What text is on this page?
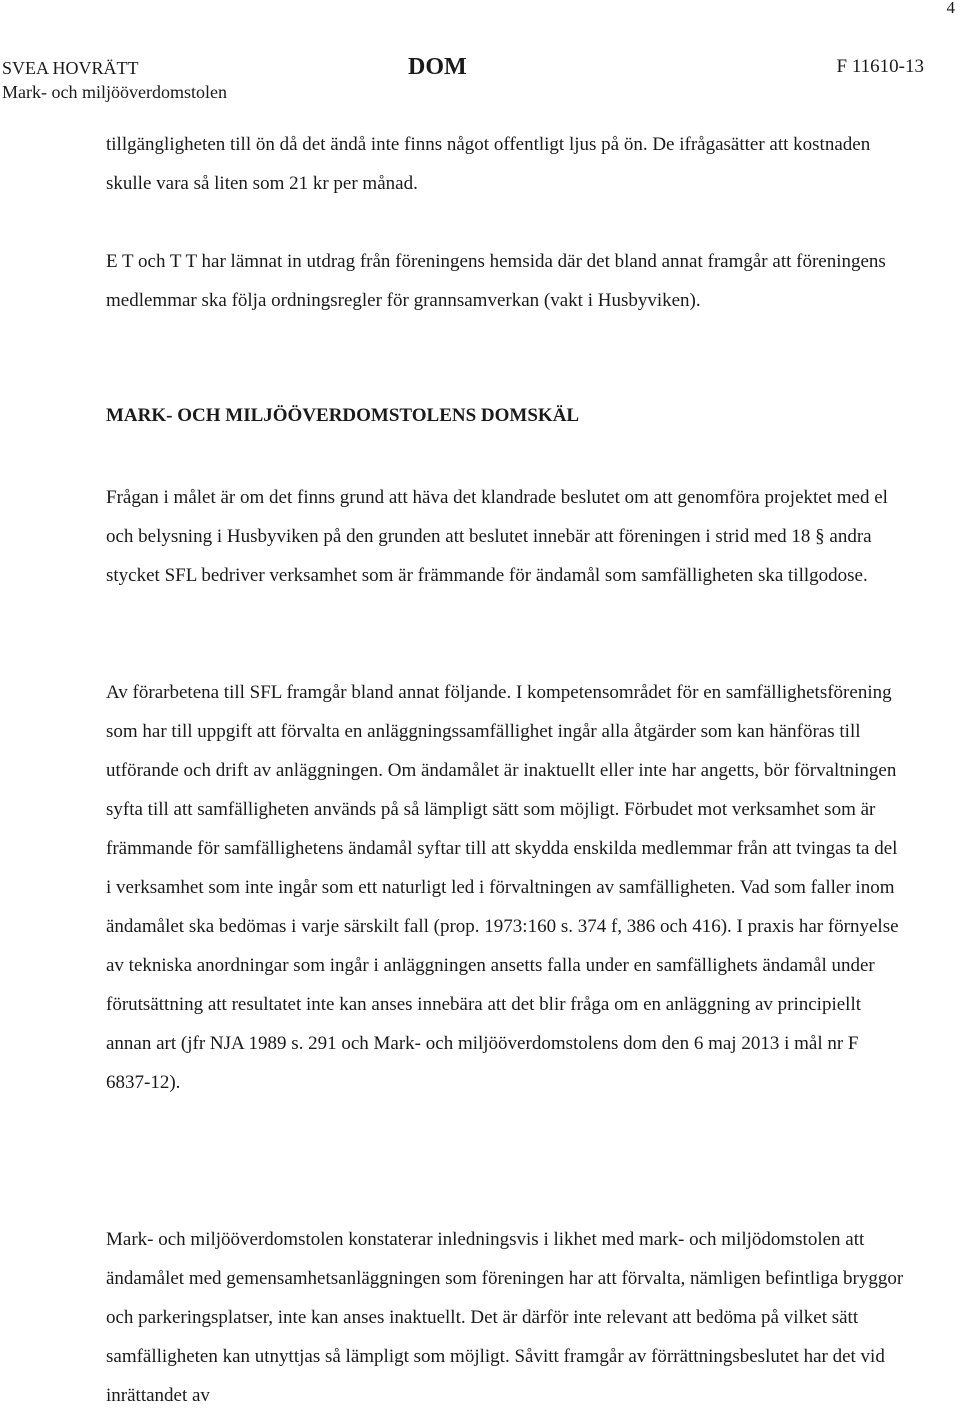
4
SVEA HOVRÄTT
Mark- och miljööverdomstolen
DOM	F 11610-13

tillgängligheten till ön då det ändå inte finns något offentligt ljus på ön. De ifrågasätter att kostnaden skulle vara så liten som 21 kr per månad.

E T och T T har lämnat in utdrag från föreningens hemsida där det bland annat framgår att föreningens medlemmar ska följa ordningsregler för grannsamverkan (vakt i Husbyviken).

MARK- OCH MILJÖÖVERDOMSTOLENS DOMSKÄL

Frågan i målet är om det finns grund att häva det klandrade beslutet om att genomföra projektet med el och belysning i Husbyviken på den grunden att beslutet innebär att föreningen i strid med 18 § andra stycket SFL bedriver verksamhet som är främmande för ändamål som samfälligheten ska tillgodose.

Av förarbetena till SFL framgår bland annat följande. I kompetensområdet för en samfällighetsförening som har till uppgift att förvalta en anläggningssamfällighet ingår alla åtgärder som kan hänföras till utförande och drift av anläggningen. Om ändamålet är inaktuellt eller inte har angetts, bör förvaltningen syfta till att samfälligheten används på så lämpligt sätt som möjligt. Förbudet mot verksamhet som är främmande för samfällighetens ändamål syftar till att skydda enskilda medlemmar från att tvingas ta del i verksamhet som inte ingår som ett naturligt led i förvaltningen av samfälligheten. Vad som faller inom ändamålet ska bedömas i varje särskilt fall (prop. 1973:160 s. 374 f, 386 och 416). I praxis har förnyelse av tekniska anordningar som ingår i anläggningen ansetts falla under en samfällighets ändamål under förutsättning att resultatet inte kan anses innebära att det blir fråga om en anläggning av principiellt annan art (jfr NJA 1989 s. 291 och Mark- och miljööverdomstolens dom den 6 maj 2013 i mål nr F 6837-12).

Mark- och miljööverdomstolen konstaterar inledningsvis i likhet med mark- och miljödomstolen att ändamålet med gemensamhetsanläggningen som föreningen har att förvalta, nämligen befintliga bryggor och parkeringsplatser, inte kan anses inaktuellt. Det är därför inte relevant att bedöma på vilket sätt samfälligheten kan utnyttjas så lämpligt som möjligt. Såvitt framgår av förrättningsbeslutet har det vid inrättandet av
